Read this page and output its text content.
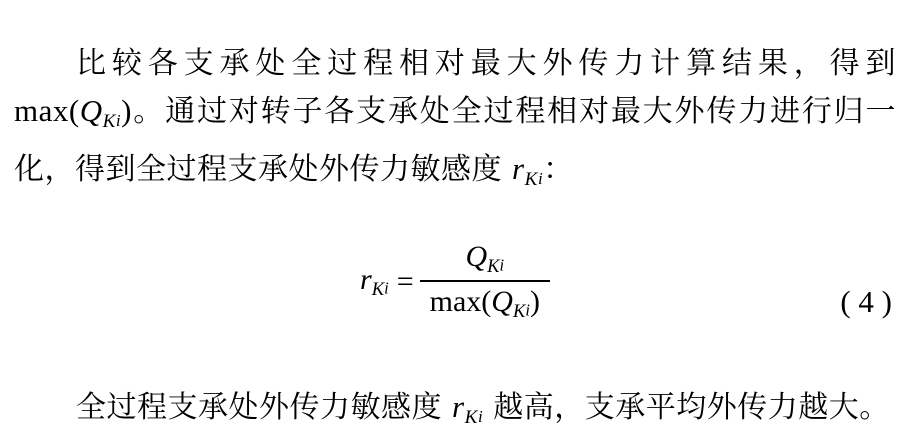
比较各支承处全过程相对最大外传力计算结果，得到 $\max(Q_Ki)$。通过对转子各支承处全过程相对最大外传力进行归一化，得到全过程支承处外传力敏感度 $r_Ki$：

$r_Ki = \frac{Q_Ki}{\max(Q_Ki)}$	( 4 )

全过程支承处外传力敏感度 $r_Ki$ 越高，支承平均外传力越大。
